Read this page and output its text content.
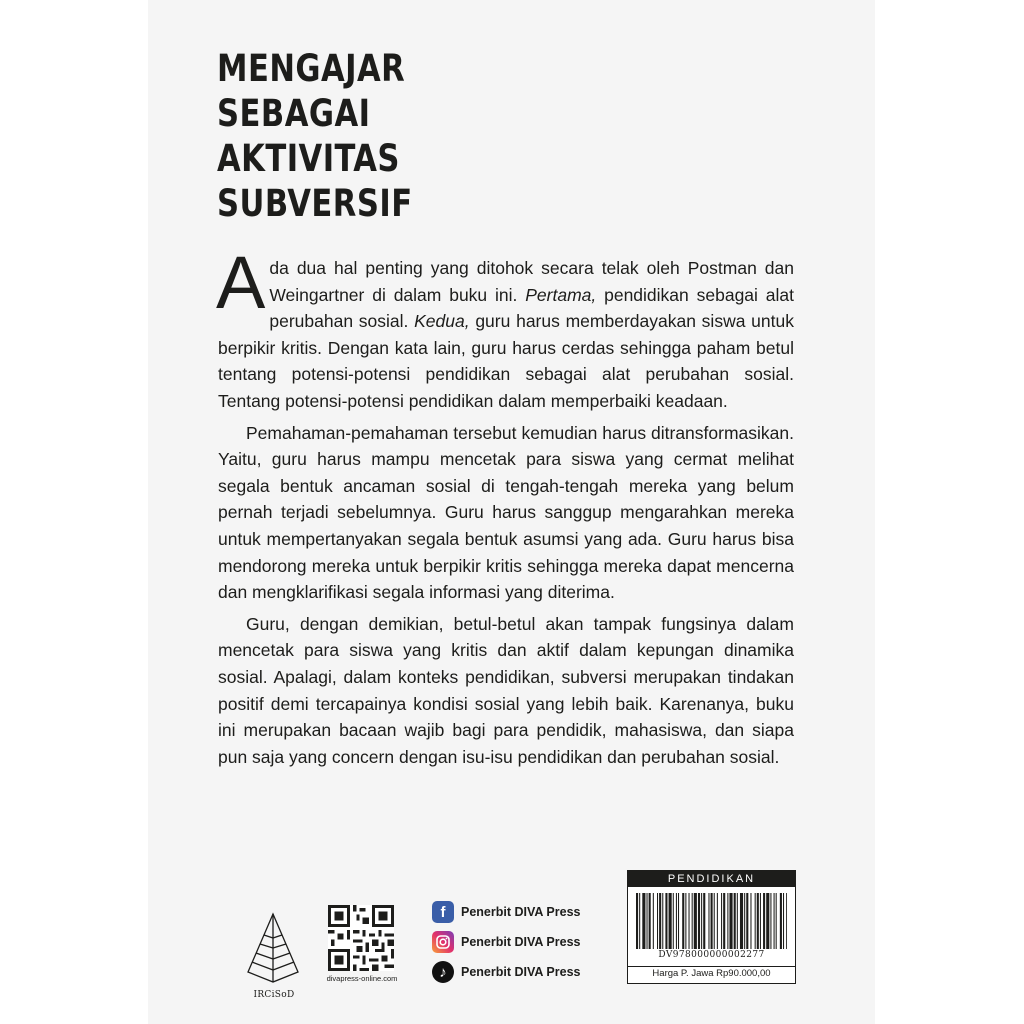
MENGAJAR
SEBAGAI
AKTIVITAS
SUBVERSIF

Ada dua hal penting yang ditohok secara telak oleh Postman dan Weingartner di dalam buku ini. Pertama, pendidikan sebagai alat perubahan sosial. Kedua, guru harus memberdayakan siswa untuk berpikir kritis. Dengan kata lain, guru harus cerdas sehingga paham betul tentang potensi-potensi pendidikan sebagai alat perubahan sosial. Tentang potensi-potensi pendidikan dalam memperbaiki keadaan.

Pemahaman-pemahaman tersebut kemudian harus ditransformasikan. Yaitu, guru harus mampu mencetak para siswa yang cermat melihat segala bentuk ancaman sosial di tengah-tengah mereka yang belum pernah terjadi sebelumnya. Guru harus sanggup mengarahkan mereka untuk mempertanyakan segala bentuk asumsi yang ada. Guru harus bisa mendorong mereka untuk berpikir kritis sehingga mereka dapat mencerna dan mengklarifikasi segala informasi yang diterima.

Guru, dengan demikian, betul-betul akan tampak fungsinya dalam mencetak para siswa yang kritis dan aktif dalam kepungan dinamika sosial. Apalagi, dalam konteks pendidikan, subversi merupakan tindakan positif demi tercapainya kondisi sosial yang lebih baik. Karenanya, buku ini merupakan bacaan wajib bagi para pendidik, mahasiswa, dan siapa pun saja yang concern dengan isu-isu pendidikan dan perubahan sosial.

IRCiSoD
divapress-online.com
f	Penerbit DIVA Press
Penerbit DIVA Press
♪	Penerbit DIVA Press
PENDIDIKAN
DV978000000002277
Harga P. Jawa Rp90.000,00
